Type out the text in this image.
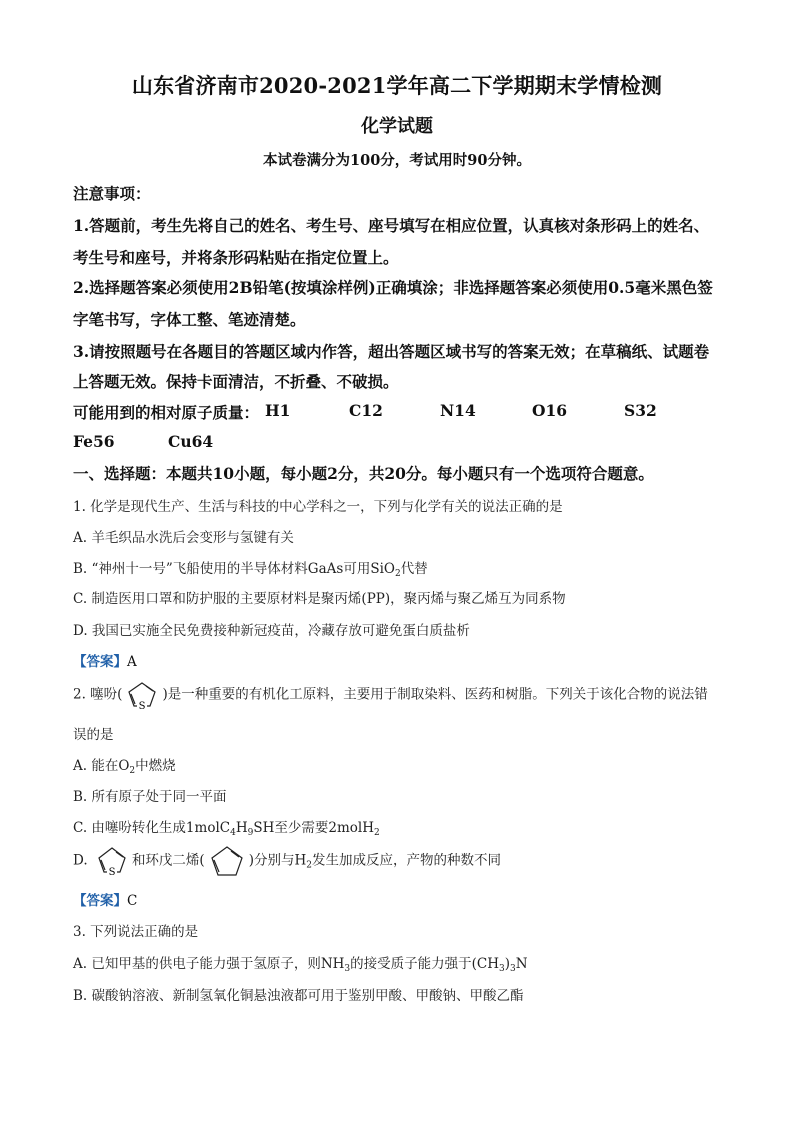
山东省济南市2020-2021学年高二下学期期末学情检测
化学试题
本试卷满分为100分，考试用时90分钟。
注意事项：
1.答题前，考生先将自己的姓名、考生号、座号填写在相应位置，认真核对条形码上的姓名、
考生号和座号，并将条形码粘贴在指定位置上。
2.选择题答案必须使用2B铅笔(按填涂样例)正确填涂；非选择题答案必须使用0.5毫米黑色签
字笔书写，字体工整、笔迹清楚。
3.请按照题号在各题目的答题区域内作答，超出答题区域书写的答案无效；在草稿纸、试题卷
上答题无效。保持卡面清洁，不折叠、不破损。
可能用到的相对原子质量： H1	C12	N14	O16	S32
Fe56	Cu64
一、选择题：本题共10小题，每小题2分，共20分。每小题只有一个选项符合题意。
1. 化学是现代生产、生活与科技的中心学科之一，下列与化学有关的说法正确的是
A. 羊毛织品水洗后会变形与氢键有关
B. “神州十一号”飞船使用的半导体材料GaAs可用SiO$_2$代替
C. 制造医用口罩和防护服的主要原材料是聚丙烯(PP)，聚丙烯与聚乙烯互为同系物
D. 我国已实施全民免费接种新冠疫苗，冷藏存放可避免蛋白质盐析
【答案】A
2. 噻吩(
S
)是一种重要的有机化工原料，主要用于制取染料、医药和树脂。下列关于该化合物的说法错
误的是
A. 能在$O_2$中燃烧
B. 所有原子处于同一平面
C. 由噻吩转化生成$1molC_4H_9SH$至少需要2molH$_2$
D.
S
和环戊二烯(	)分别与$H_2$发生加成反应，产物的种数不同
【答案】C
3. 下列说法正确的是
A. 已知甲基的供电子能力强于氢原子，则$NH_3$的接受质子能力强于$(CH_3)_3N$
B. 碳酸钠溶液、新制氢氧化铜悬浊液都可用于鉴别甲酸、甲酸钠、甲酸乙酯
